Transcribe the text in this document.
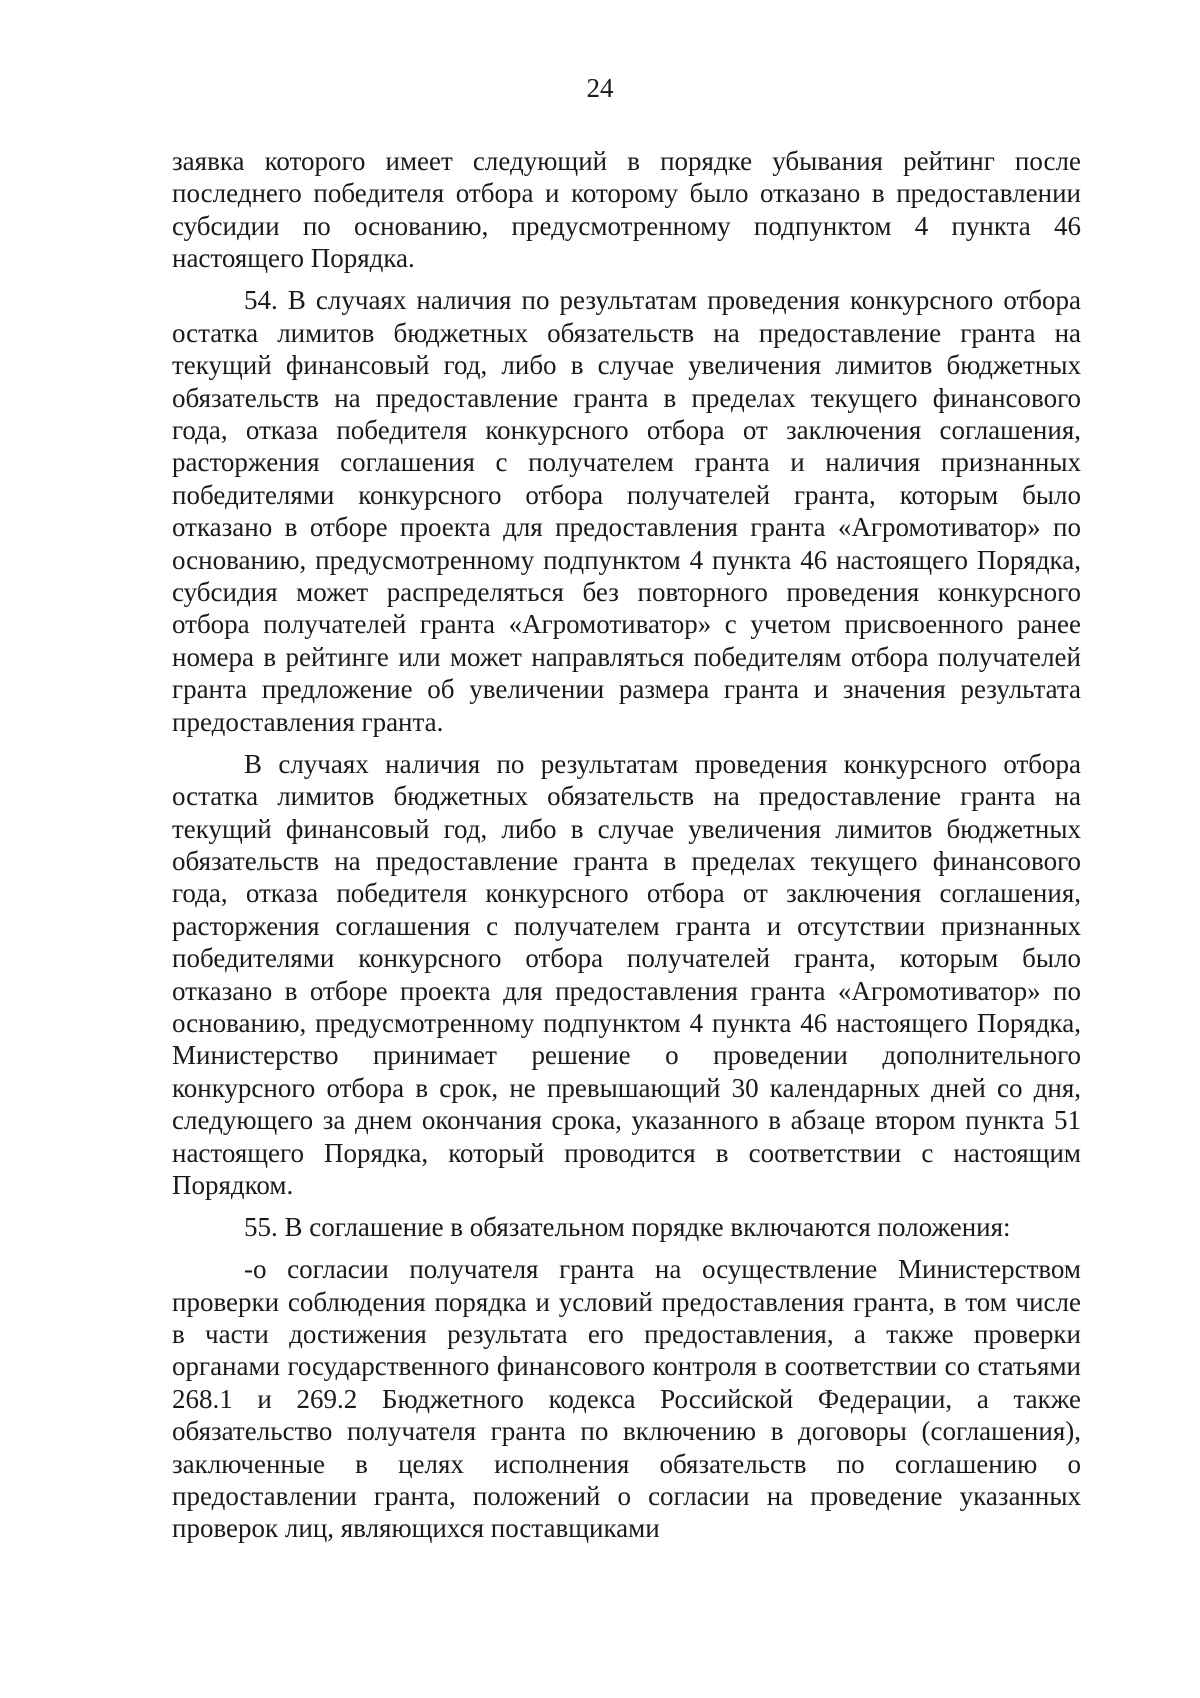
24

заявка которого имеет следующий в порядке убывания рейтинг после последнего победителя отбора и которому было отказано в предоставлении субсидии по основанию, предусмотренному подпунктом 4 пункта 46 настоящего Порядка.

54. В случаях наличия по результатам проведения конкурсного отбора остатка лимитов бюджетных обязательств на предоставление гранта на текущий финансовый год, либо в случае увеличения лимитов бюджетных обязательств на предоставление гранта в пределах текущего финансового года, отказа победителя конкурсного отбора от заключения соглашения, расторжения соглашения с получателем гранта и наличия признанных победителями конкурсного отбора получателей гранта, которым было отказано в отборе проекта для предоставления гранта «Агромотиватор» по основанию, предусмотренному подпунктом 4 пункта 46 настоящего Порядка, субсидия может распределяться без повторного проведения конкурсного отбора получателей гранта «Агромотиватор» с учетом присвоенного ранее номера в рейтинге или может направляться победителям отбора получателей гранта предложение об увеличении размера гранта и значения результата предоставления гранта.

В случаях наличия по результатам проведения конкурсного отбора остатка лимитов бюджетных обязательств на предоставление гранта на текущий финансовый год, либо в случае увеличения лимитов бюджетных обязательств на предоставление гранта в пределах текущего финансового года, отказа победителя конкурсного отбора от заключения соглашения, расторжения соглашения с получателем гранта и отсутствии признанных победителями конкурсного отбора получателей гранта, которым было отказано в отборе проекта для предоставления гранта «Агромотиватор» по основанию, предусмотренному подпунктом 4 пункта 46 настоящего Порядка, Министерство принимает решение о проведении дополнительного конкурсного отбора в срок, не превышающий 30 календарных дней со дня, следующего за днем окончания срока, указанного в абзаце втором пункта 51 настоящего Порядка, который проводится в соответствии с настоящим Порядком.

55. В соглашение в обязательном порядке включаются положения:

-о согласии получателя гранта на осуществление Министерством проверки соблюдения порядка и условий предоставления гранта, в том числе в части достижения результата его предоставления, а также проверки органами государственного финансового контроля в соответствии со статьями 268.1 и 269.2 Бюджетного кодекса Российской Федерации, а также обязательство получателя гранта по включению в договоры (соглашения), заключенные в целях исполнения обязательств по соглашению о предоставлении гранта, положений о согласии на проведение указанных проверок лиц, являющихся поставщиками
